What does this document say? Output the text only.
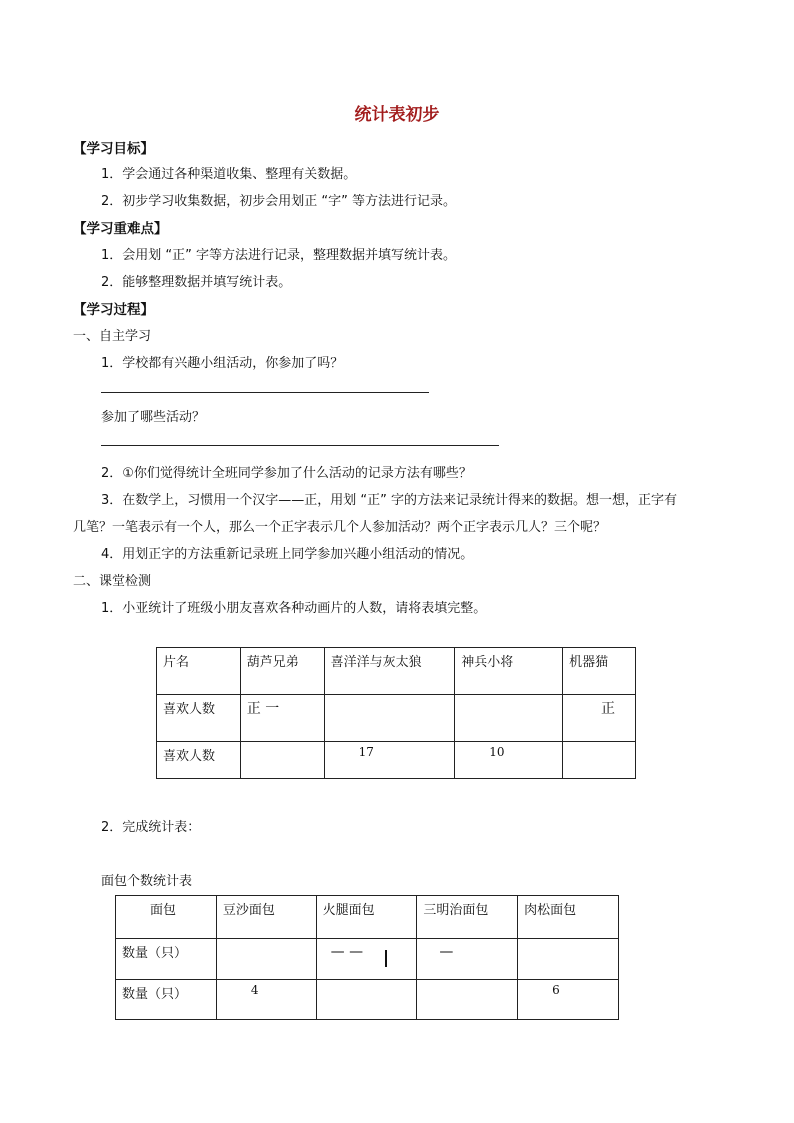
统计表初步
【学习目标】
1．学会通过各种渠道收集、整理有关数据。
2．初步学习收集数据，初步会用划正 “字” 等方法进行记录。
【学习重难点】
1．会用划 “正” 字等方法进行记录，整理数据并填写统计表。
2．能够整理数据并填写统计表。
【学习过程】
一、自主学习
1．学校都有兴趣小组活动，你参加了吗？
参加了哪些活动？
2．①你们觉得统计全班同学参加了什么活动的记录方法有哪些？
3．在数学上，习惯用一个汉字——正，用划 “正” 字的方法来记录统计得来的数据。想一想，正字有
几笔？一笔表示有一个人，那么一个正字表示几个人参加活动？两个正字表示几人？三个呢？
4．用划正字的方法重新记录班上同学参加兴趣小组活动的情况。
二、课堂检测
1．小亚统计了班级小朋友喜欢各种动画片的人数，请将表填完整。
片名	葫芦兄弟	喜洋洋与灰太狼	神兵小将	机器猫

喜欢人数	正 一			正

喜欢人数		17	10	

2．完成统计表：
面包个数统计表
面包	豆沙面包	火腿面包	三明治面包	肉松面包

数量（只）		— —	—	

数量（只）	4			6
